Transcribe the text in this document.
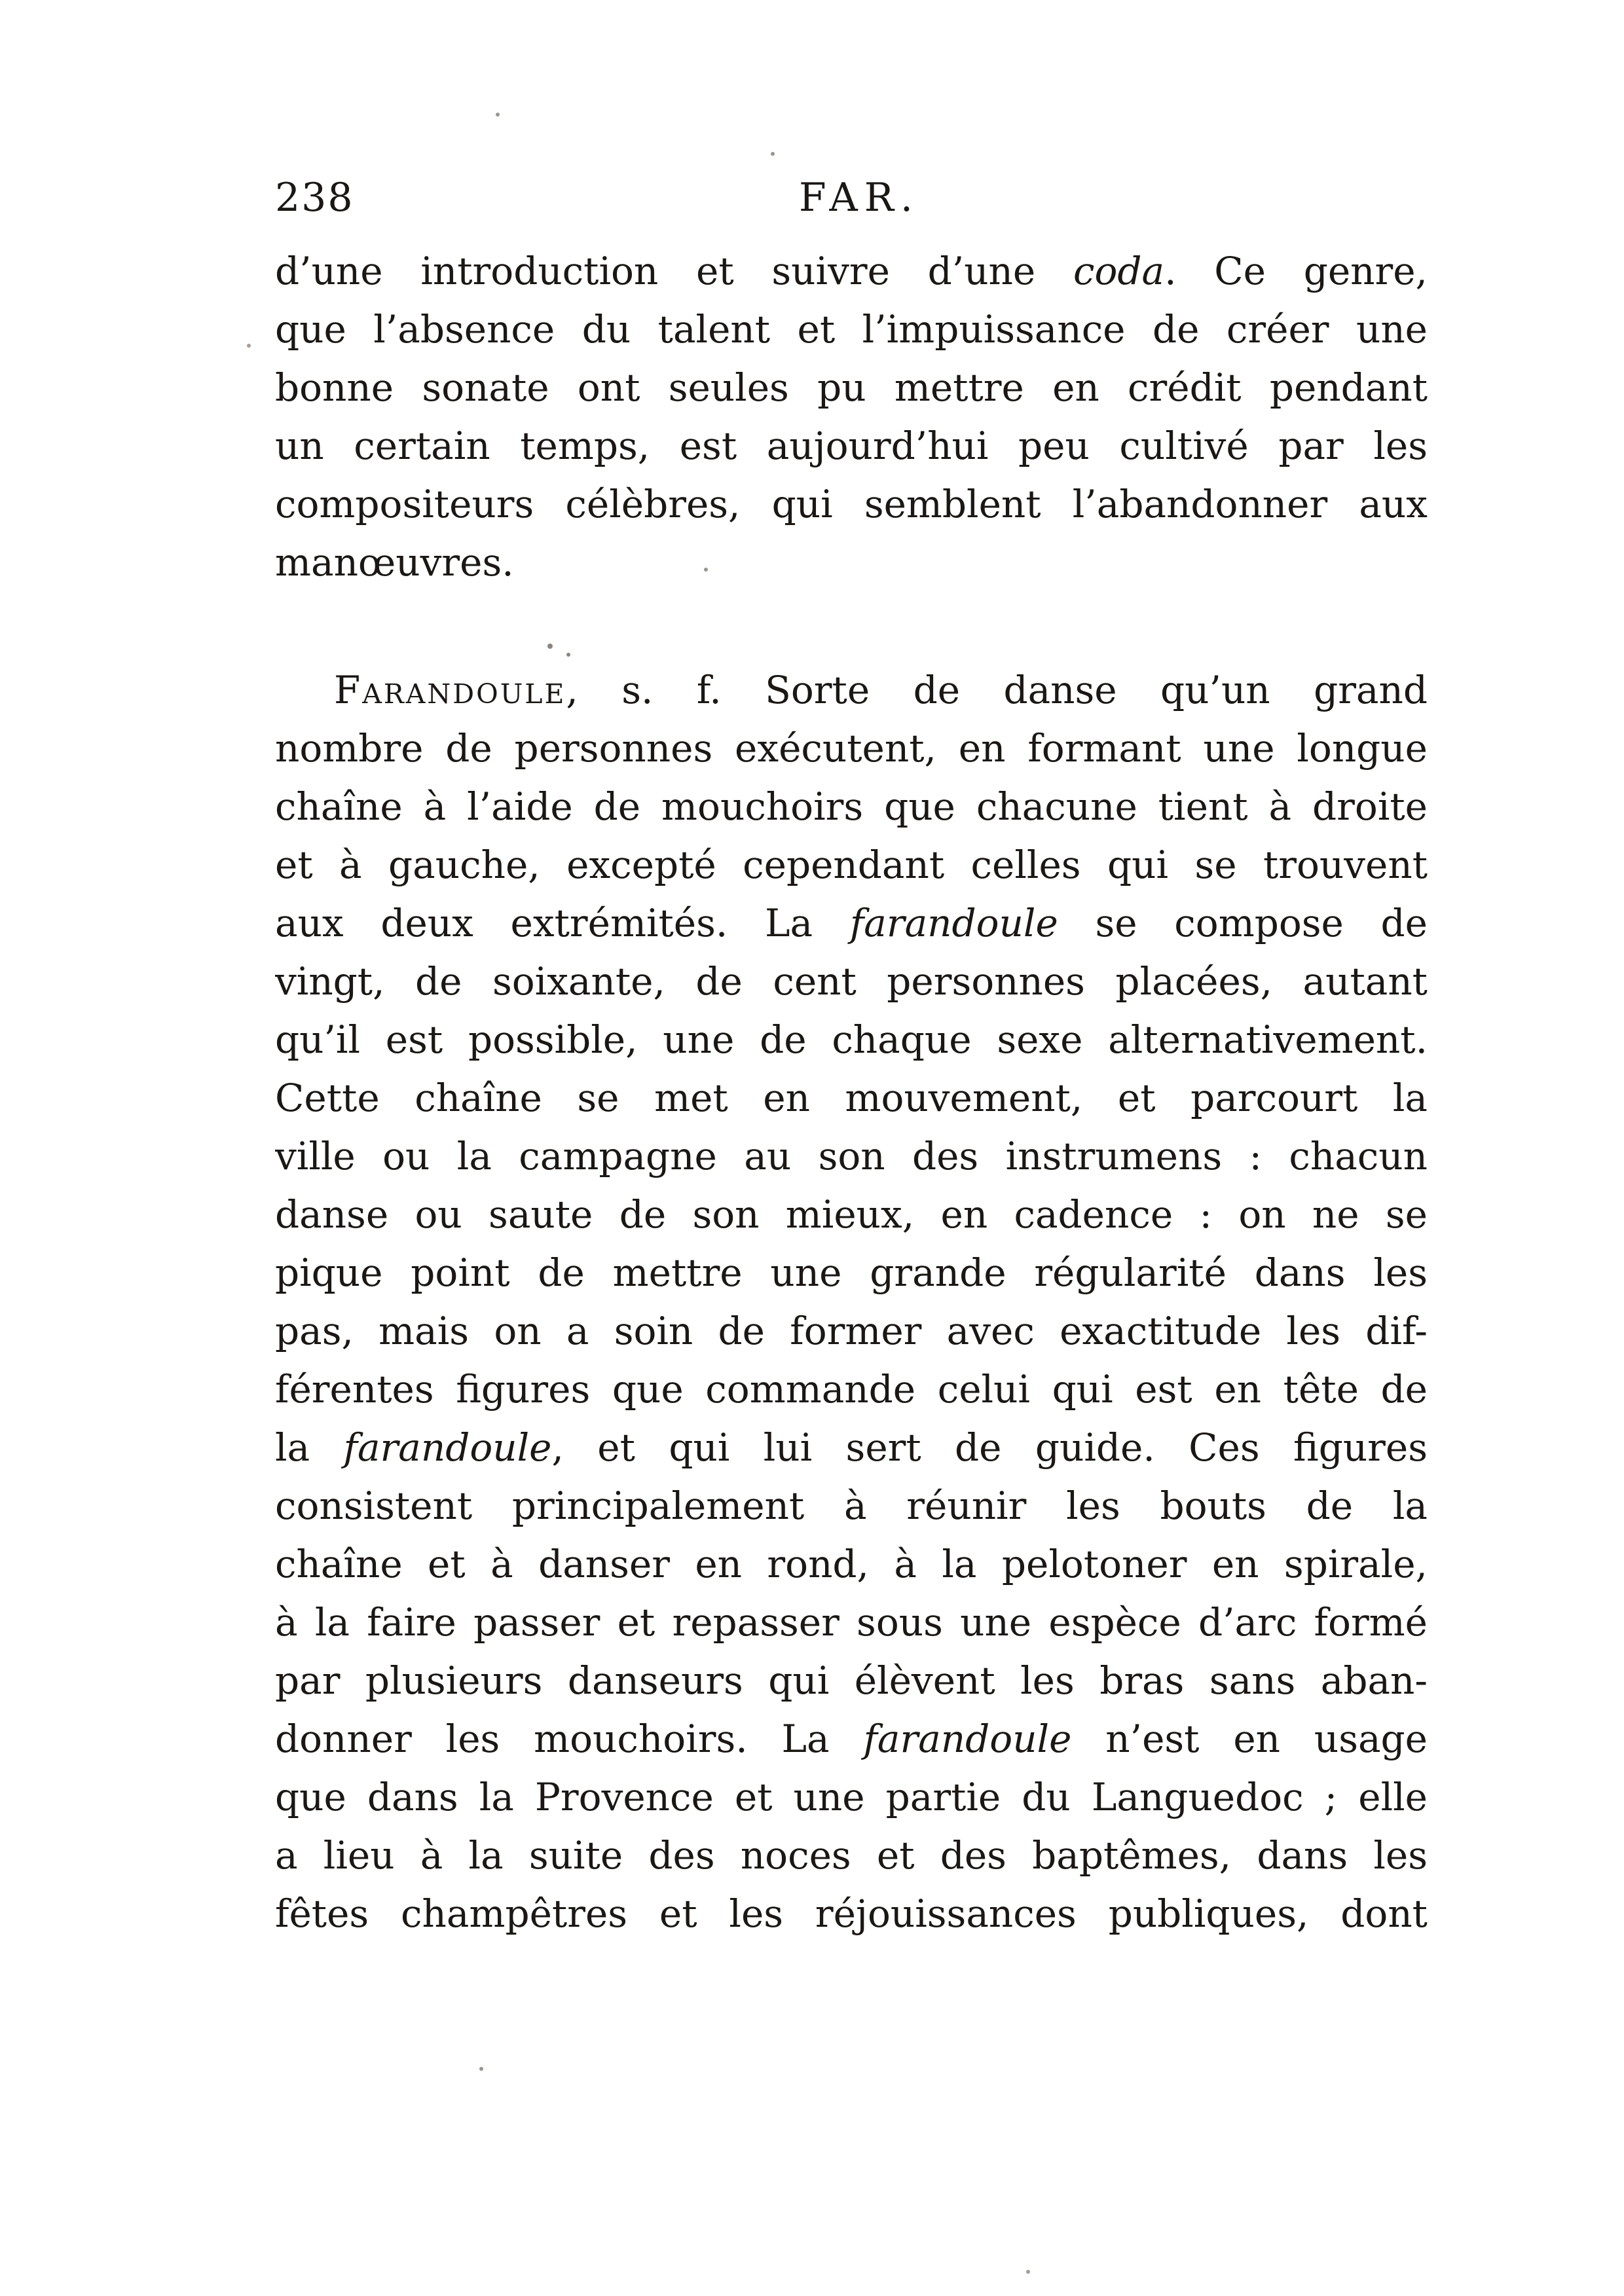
238	FAR.
d’une introduction et suivre d’une coda. Ce genre,
que l’absence du talent et l’impuissance de créer une
bonne sonate ont seules pu mettre en crédit pendant
un certain temps, est aujourd’hui peu cultivé par les
compositeurs célèbres, qui semblent l’abandonner aux
manœuvres.
Farandoule, s. f. Sorte de danse qu’un grand
nombre de personnes exécutent, en formant une longue
chaîne à l’aide de mouchoirs que chacune tient à droite
et à gauche, excepté cependant celles qui se trouvent
aux deux extrémités. La farandoule se compose de
vingt, de soixante, de cent personnes placées, autant
qu’il est possible, une de chaque sexe alternativement.
Cette chaîne se met en mouvement, et parcourt la
ville ou la campagne au son des instrumens : chacun
danse ou saute de son mieux, en cadence : on ne se
pique point de mettre une grande régularité dans les
pas, mais on a soin de former avec exactitude les dif-
férentes figures que commande celui qui est en tête de
la farandoule, et qui lui sert de guide. Ces figures
consistent principalement à réunir les bouts de la
chaîne et à danser en rond, à la pelotoner en spirale,
à la faire passer et repasser sous une espèce d’arc formé
par plusieurs danseurs qui élèvent les bras sans aban-
donner les mouchoirs. La farandoule n’est en usage
que dans la Provence et une partie du Languedoc ; elle
a lieu à la suite des noces et des baptêmes, dans les
fêtes champêtres et les réjouissances publiques, dont
